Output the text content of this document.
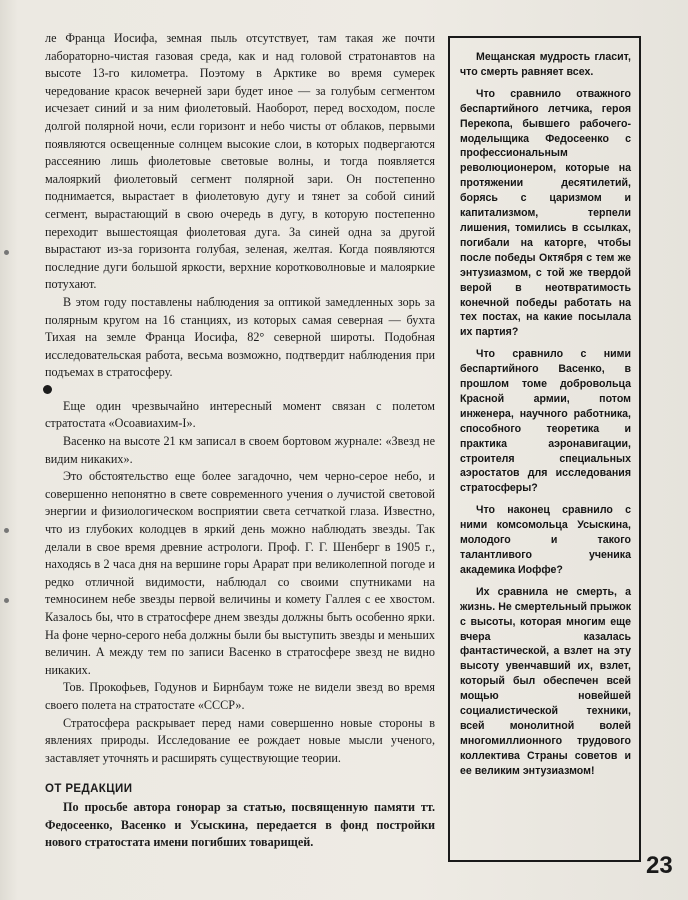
ле Франца Иосифа, земная пыль отсутствует, там такая же почти лабораторно-чистая газовая среда, как и над головой стратонавтов на высоте 13-го километра. Поэтому в Арктике во время сумерек чередование красок вечерней зари будет иное — за голубым сегментом исчезает синий и за ним фиолетовый. Наоборот, перед восходом, после долгой полярной ночи, если горизонт и небо чисты от облаков, первыми появляются освещенные солнцем высокие слои, в которых подвергаются рассеянию лишь фиолетовые световые волны, и тогда появляется малояркий фиолетовый сегмент полярной зари. Он постепенно поднимается, вырастает в фиолетовую дугу и тянет за собой синий сегмент, вырастающий в свою очередь в дугу, в которую постепенно переходит вышестоящая фиолетовая дуга. За синей одна за другой вырастают из-за горизонта голубая, зеленая, желтая. Когда появляются последние дуги большой яркости, верхние коротковолновые и малояркие потухают.

В этом году поставлены наблюдения за оптикой замедленных зорь за полярным кругом на 16 станциях, из которых самая северная — бухта Тихая на земле Франца Иосифа, 82° северной широты. Подобная исследовательская работа, весьма возможно, подтвердит наблюдения при подъемах в стратосферу.

Еще один чрезвычайно интересный момент связан с полетом стратостата «Осоавиахим-I».

Васенко на высоте 21 км записал в своем бортовом журнале: «Звезд не видим никаких».

Это обстоятельство еще более загадочно, чем черно-серое небо, и совершенно непонятно в свете современного учения о лучистой световой энергии и физиологическом восприятии света сетчаткой глаза. Известно, что из глубоких колодцев в яркий день можно наблюдать звезды. Так делали в свое время древние астрологи. Проф. Г. Г. Шенберг в 1905 г., находясь в 2 часа дня на вершине горы Арарат при великолепной погоде и редко отличной видимости, наблюдал со своими спутниками на темносинем небе звезды первой величины и комету Галлея с ее хвостом. Казалось бы, что в стратосфере днем звезды должны быть особенно ярки. На фоне черно-серого неба должны были бы выступить звезды и меньших величин. А между тем по записи Васенко в стратосфере звезд не видно никаких.

Тов. Прокофьев, Годунов и Бирнбаум тоже не видели звезд во время своего полета на стратостате «СССР».

Стратосфера раскрывает перед нами совершенно новые стороны в явлениях природы. Исследование ее рождает новые мысли ученого, заставляет уточнять и расширять существующие теории.

ОТ РЕДАКЦИИ

По просьбе автора гонорар за статью, посвященную памяти тт. Федосеенко, Васенко и Усыскина, передается в фонд постройки нового стратостата имени погибших товарищей.

Мещанская мудрость гласит, что смерть равняет всех.

Что сравнило отважного беспартийного летчика, героя Перекопа, бывшего рабочего-моделыщика Федосеенко с профессиональным революционером, которые на протяжении десятилетий, борясь с царизмом и капитализмом, терпели лишения, томились в ссылках, погибали на каторге, чтобы после победы Октября с тем же энтузиазмом, с той же твердой верой в неотвратимость конечной победы работать на тех постах, на какие посылала их партия?

Что сравнило с ними беспартийного Васенко, в прошлом томе добровольца Красной армии, потом инженера, научного работника, способного теоретика и практика аэронавигации, строителя специальных аэростатов для исследования стратосферы?

Что наконец сравнило с ними комсомольца Усыскина, молодого и такого талантливого ученика академика Иоффе?

Их сравнила не смерть, а жизнь. Не смертельный прыжок с высоты, которая многим еще вчера казалась фантастической, а взлет на эту высоту увенчавший их, взлет, который был обеспечен всей мощью новейшей социалистической техники, всей монолитной волей многомиллионного трудового коллектива Страны советов и ее великим энтузиазмом!

23
